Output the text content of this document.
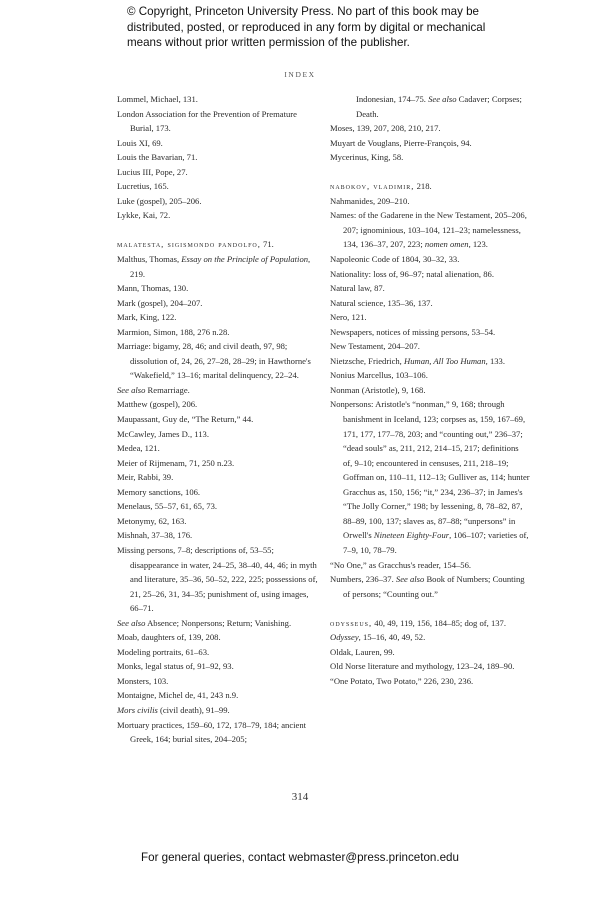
© Copyright, Princeton University Press. No part of this book may be
distributed, posted, or reproduced in any form by digital or mechanical
means without prior written permission of the publisher.
INDEX
Lommel, Michael, 131.
London Association for the Prevention of Premature Burial, 173.
Louis XI, 69.
Louis the Bavarian, 71.
Lucius III, Pope, 27.
Lucretius, 165.
Luke (gospel), 205–206.
Lykke, Kai, 72.
malatesta, sigismondo pandolfo, 71.
Malthus, Thomas, Essay on the Principle of Population, 219.
Mann, Thomas, 130.
Mark (gospel), 204–207.
Mark, King, 122.
Marmion, Simon, 188, 276 n.28.
Marriage: bigamy, 28, 46; and civil death, 97, 98; dissolution of, 24, 26, 27–28, 28–29; in Hawthorne's “Wakefield,” 13–16; marital delinquency, 22–24.
See also Remarriage.
Matthew (gospel), 206.
Maupassant, Guy de, “The Return,” 44.
McCawley, James D., 113.
Medea, 121.
Meier of Rijmenam, 71, 250 n.23.
Meir, Rabbi, 39.
Memory sanctions, 106.
Menelaus, 55–57, 61, 65, 73.
Metonymy, 62, 163.
Mishnah, 37–38, 176.
Missing persons, 7–8; descriptions of, 53–55; disappearance in water, 24–25, 38–40, 44, 46; in myth and literature, 35–36, 50–52, 222, 225; possessions of, 21, 25–26, 31, 34–35; punishment of, using images, 66–71.
See also Absence; Nonpersons; Return; Vanishing.
Moab, daughters of, 139, 208.
Modeling portraits, 61–63.
Monks, legal status of, 91–92, 93.
Monsters, 103.
Montaigne, Michel de, 41, 243 n.9.
Mors civilis (civil death), 91–99.
Mortuary practices, 159–60, 172, 178–79, 184; ancient Greek, 164; burial sites, 204–205;
Indonesian, 174–75. See also Cadaver; Corpses; Death.
Moses, 139, 207, 208, 210, 217.
Muyart de Vouglans, Pierre-François, 94.
Mycerinus, King, 58.
nabokov, vladimir, 218.
Nahmanides, 209–210.
Names: of the Gadarene in the New Testament, 205–206, 207; ignominious, 103–104, 121–23; namelessness, 134, 136–37, 207, 223; nomen omen, 123.
Napoleonic Code of 1804, 30–32, 33.
Nationality: loss of, 96–97; natal alienation, 86.
Natural law, 87.
Natural science, 135–36, 137.
Nero, 121.
Newspapers, notices of missing persons, 53–54.
New Testament, 204–207.
Nietzsche, Friedrich, Human, All Too Human, 133.
Nonius Marcellus, 103–106.
Nonman (Aristotle), 9, 168.
Nonpersons: Aristotle's “nonman,” 9, 168; through banishment in Iceland, 123; corpses as, 159, 167–69, 171, 177, 177–78, 203; and “counting out,” 236–37; “dead souls” as, 211, 212, 214–15, 217; definitions of, 9–10; encountered in censuses, 211, 218–19; Goffman on, 110–11, 112–13; Gulliver as, 114; hunter Gracchus as, 150, 156; “it,” 234, 236–37; in James's “The Jolly Corner,” 198; by lessening, 8, 78–82, 87, 88–89, 100, 137; slaves as, 87–88; “unpersons” in Orwell's Nineteen Eighty-Four, 106–107; varieties of, 7–9, 10, 78–79.
“No One,” as Gracchus's reader, 154–56.
Numbers, 236–37. See also Book of Numbers; Counting of persons; “Counting out.”
odysseus, 40, 49, 119, 156, 184–85; dog of, 137.
Odyssey, 15–16, 40, 49, 52.
Oldak, Lauren, 99.
Old Norse literature and mythology, 123–24, 189–90.
“One Potato, Two Potato,” 226, 230, 236.
314
For general queries, contact webmaster@press.princeton.edu
